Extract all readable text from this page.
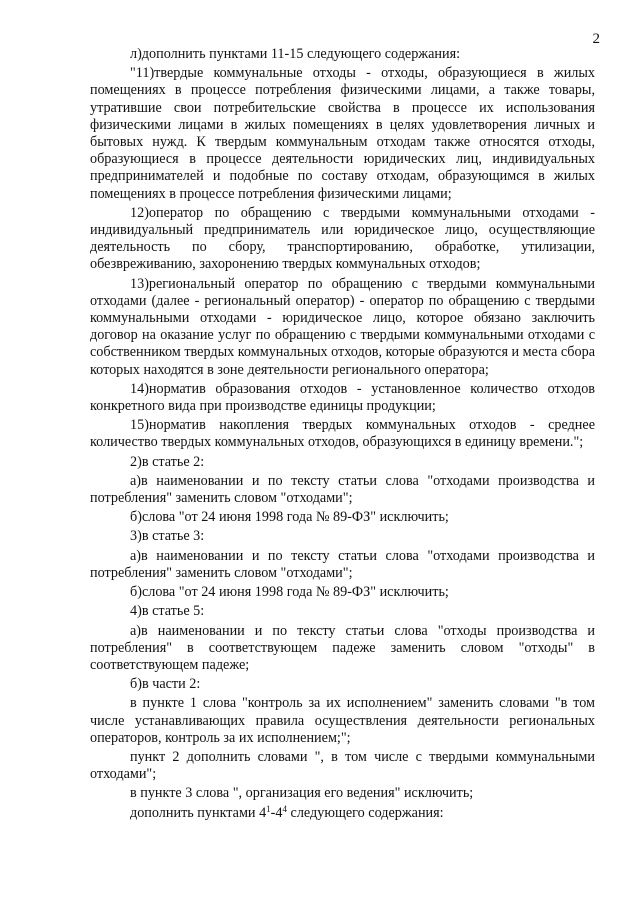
2

л)дополнить пунктами 11-15 следующего содержания:

"11)твердые коммунальные отходы - отходы, образующиеся в жилых помещениях в процессе потребления физическими лицами, а также товары, утратившие свои потребительские свойства в процессе их использования физическими лицами в жилых помещениях в целях удовлетворения личных и бытовых нужд. К твердым коммунальным отходам также относятся отходы, образующиеся в процессе деятельности юридических лиц, индивидуальных предпринимателей и подобные по составу отходам, образующимся в жилых помещениях в процессе потребления физическими лицами;

12)оператор по обращению с твердыми коммунальными отходами - индивидуальный предприниматель или юридическое лицо, осуществляющие деятельность по сбору, транспортированию, обработке, утилизации, обезвреживанию, захоронению твердых коммунальных отходов;

13)региональный оператор по обращению с твердыми коммунальными отходами (далее - региональный оператор) - оператор по обращению с твердыми коммунальными отходами - юридическое лицо, которое обязано заключить договор на оказание услуг по обращению с твердыми коммунальными отходами с собственником твердых коммунальных отходов, которые образуются и места сбора которых находятся в зоне деятельности регионального оператора;

14)норматив образования отходов - установленное количество отходов конкретного вида при производстве единицы продукции;

15)норматив накопления твердых коммунальных отходов - среднее количество твердых коммунальных отходов, образующихся в единицу времени.";

2)в статье 2:

а)в наименовании и по тексту статьи слова "отходами производства и потребления" заменить словом "отходами";

б)слова "от 24 июня 1998 года № 89-ФЗ" исключить;

3)в статье 3:

а)в наименовании и по тексту статьи слова "отходами производства и потребления" заменить словом "отходами";

б)слова "от 24 июня 1998 года № 89-ФЗ" исключить;

4)в статье 5:

а)в наименовании и по тексту статьи слова "отходы производства и потребления" в соответствующем падеже заменить словом "отходы" в соответствующем падеже;

б)в части 2:

в пункте 1 слова "контроль за их исполнением" заменить словами "в том числе устанавливающих правила осуществления деятельности региональных операторов, контроль за их исполнением;";

пункт 2 дополнить словами ", в том числе с твердыми коммунальными отходами";

в пункте 3 слова ", организация его ведения" исключить;

дополнить пунктами $4^1-4^4$ следующего содержания:
